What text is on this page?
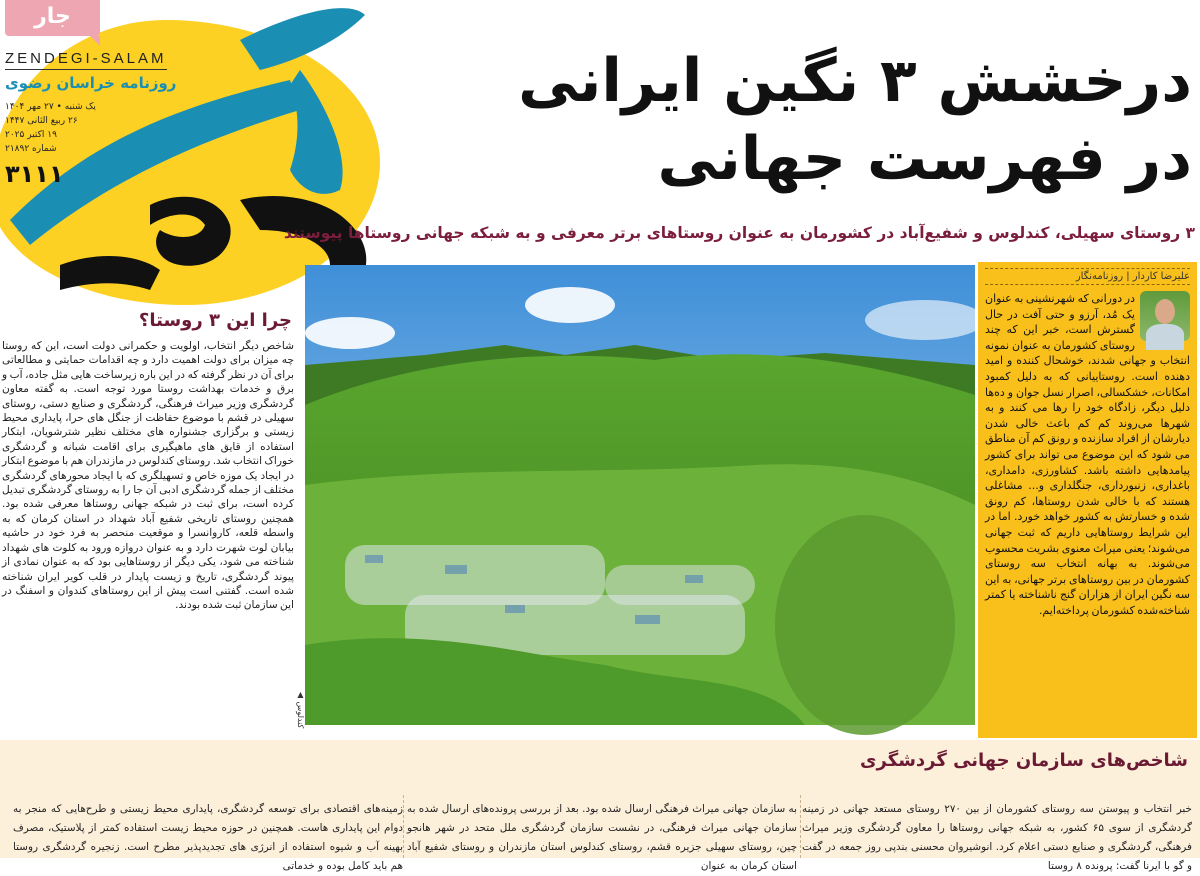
جار
ZENDEGI-SALAM
روزنامه خراسان رضوی
یک شنبه • ۲۷ مهر ۱۴۰۴
۲۶ ربیع الثانی ۱۴۴۷
۱۹ اکتبر ۲۰۲۵
شماره ۲۱۸۹۲
۳۱۱۱
درخشش ۳ نگین ایرانی
در فهرست جهانی
۳ روستای سهیلی، کندلوس و شفیع‌آباد در کشورمان به عنوان روستاهای برتر معرفی و به شبکه جهانی روستاها پیوستند
▲ کندلوس
علیرضا کاردار | روزنامه‌نگار
در دورانی که شهرنشینی به عنوان یک مُد، آرزو و حتی آفت در حال گسترش است، خبر این که چند روستای کشورمان به عنوان نمونه انتخاب و جهانی شدند، خوشحال کننده و امید دهنده است. روستاییانی که به دلیل کمبود امکانات، خشکسالی، اصرار نسل جوان و ده‌ها دلیل دیگر، زادگاه خود را رها می کنند و به شهرها می‌روند کم کم باعث خالی شدن دیارشان از افراد سازنده و رونق کم آن مناطق می شود که این موضوع می تواند برای کشور پیامدهایی داشته باشد. کشاورزی، دامداری، باغداری، زنبورداری، جنگلداری و... مشاغلی هستند که با خالی شدن روستاها، کم رونق شده و خسارتش به کشور خواهد خورد. اما در این شرایط روستاهایی داریم که ثبت جهانی می‌شوند؛ یعنی میراث معنوی بشریت محسوب می‌شوند. به بهانه انتخاب سه روستای کشورمان در بین روستاهای برتر جهانی، به این سه نگین ایران از هزاران گنج ناشناخته یا کمتر شناخته‌شده کشورمان پرداخته‌ایم.
چرا این ۳ روستا؟
شاخص دیگر انتخاب، اولویت و حکمرانی دولت است، این که روستا چه میزان برای دولت اهمیت دارد و چه اقدامات حمایتی و مطالعاتی برای آن در نظر گرفته که در این باره زیرساخت هایی مثل جاده، آب و برق و خدمات بهداشت روستا مورد توجه است. به گفته معاون گردشگری وزیر میراث فرهنگی، گردشگری و صنایع دستی، روستای سهیلی در قشم با موضوع حفاظت از جنگل های حرا، پایداری محیط زیستی و برگزاری جشنواره های مختلف نظیر شترشویان، ابتکار استفاده از قایق های ماهیگیری برای اقامت شبانه و گردشگری خوراک انتخاب شد. روستای کندلوس در مازندران هم با موضوع ابتکار در ایجاد یک موزه خاص و تسهیلگری که با ایجاد محورهای گردشگری مختلف از جمله گردشگری ادبی آن جا را به روستای گردشگری تبدیل کرده است، برای ثبت در شبکه جهانی روستاها معرفی شده بود. همچنین روستای تاریخی شفیع آباد شهداد در استان کرمان که به واسطه قلعه، کاروانسرا و موقعیت منحصر به فرد خود در حاشیه بیابان لوت شهرت دارد و به عنوان دروازه ورود به کلوت های شهداد شناخته می شود، یکی دیگر از روستاهایی بود که به عنوان نمادی از پیوند گردشگری، تاریخ و زیست پایدار در قلب کویر ایران شناخته شده است. گفتنی است پیش از این روستاهای کندوان و اسفنگ در این سازمان ثبت شده بودند.
شاخص‌های سازمان جهانی گردشگری
خبر انتخاب و پیوستن سه روستای کشورمان از بین ۲۷۰ روستای مستعد جهانی در زمینه گردشگری از سوی ۶۵ کشور، به شبکه جهانی روستاها را معاون گردشگری وزیر میراث فرهنگی، گردشگری و صنایع دستی اعلام کرد. انوشیروان محسنی بندپی روز جمعه در گفت و گو با ایرنا گفت: پرونده ۸ روستا
به سازمان جهانی میراث فرهنگی ارسال شده بود. بعد از بررسی پرونده‌های ارسال شده به سازمان جهانی میراث فرهنگی، در نشست سازمان گردشگری ملل متحد در شهر هانجو چین، روستای سهیلی جزیره قشم، روستای کندلوس استان مازندران و روستای شفیع آباد استان کرمان به عنوان
زمینه‌های اقتصادی برای توسعه گردشگری، پایداری محیط زیستی و طرح‌هایی که منجر به دوام این پایداری هاست. همچنین در حوزه محیط زیست استفاده کمتر از پلاستیک، مصرف بهینه آب و شیوه استفاده از انرژی های تجدیدپذیر مطرح است. زنجیره گردشگری روستا هم باید کامل بوده و خدماتی
